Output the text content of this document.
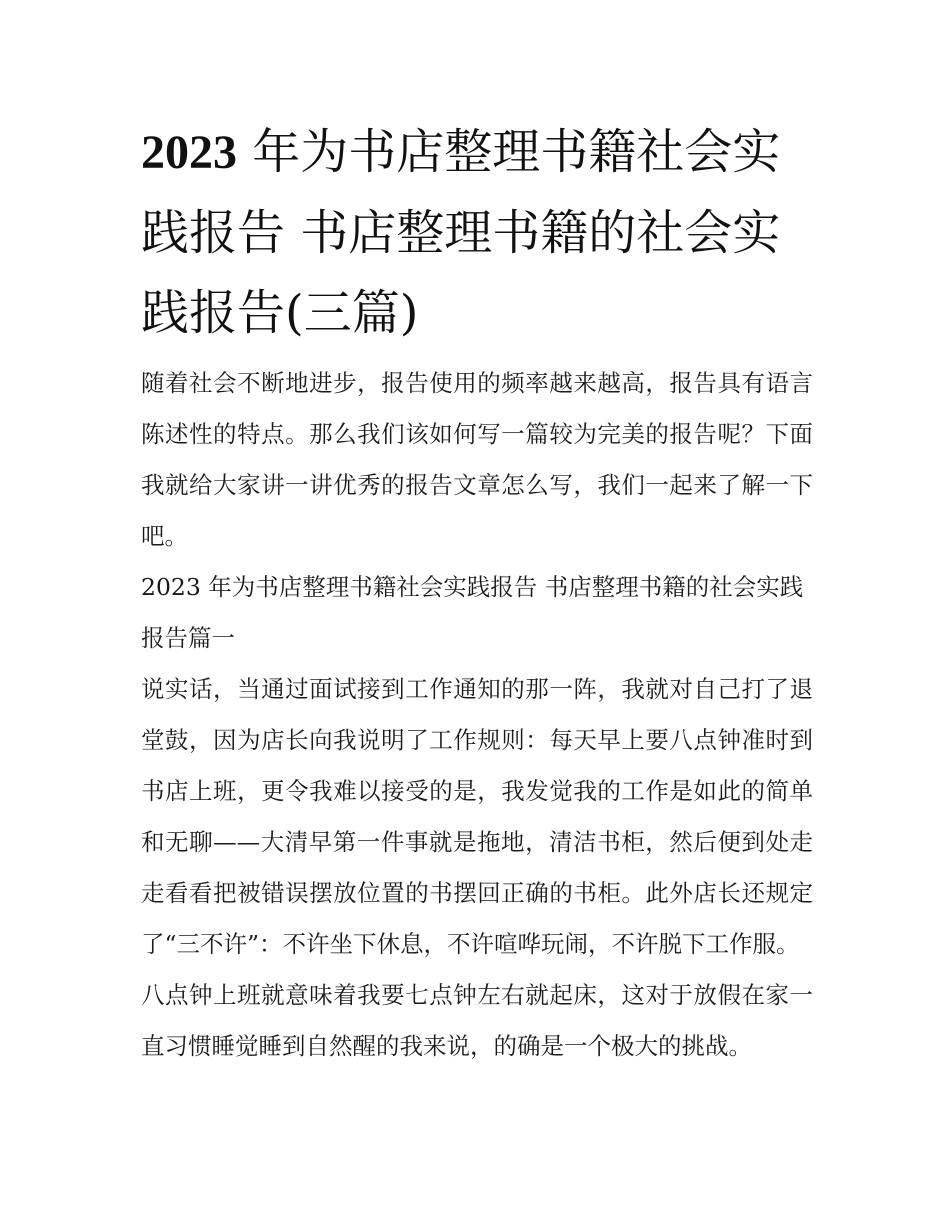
2023 年为书店整理书籍社会实践报告 书店整理书籍的社会实践报告(三篇)

随着社会不断地进步，报告使用的频率越来越高，报告具有语言陈述性的特点。那么我们该如何写一篇较为完美的报告呢？下面我就给大家讲一讲优秀的报告文章怎么写，我们一起来了解一下吧。

2023 年为书店整理书籍社会实践报告 书店整理书籍的社会实践报告篇一

说实话，当通过面试接到工作通知的那一阵，我就对自己打了退堂鼓，因为店长向我说明了工作规则：每天早上要八点钟准时到书店上班，更令我难以接受的是，我发觉我的工作是如此的简单和无聊——大清早第一件事就是拖地，清洁书柜，然后便到处走走看看把被错误摆放位置的书摆回正确的书柜。此外店长还规定了“三不许”：不许坐下休息，不许喧哗玩闹，不许脱下工作服。

八点钟上班就意味着我要七点钟左右就起床，这对于放假在家一直习惯睡觉睡到自然醒的我来说，的确是一个极大的挑战。
